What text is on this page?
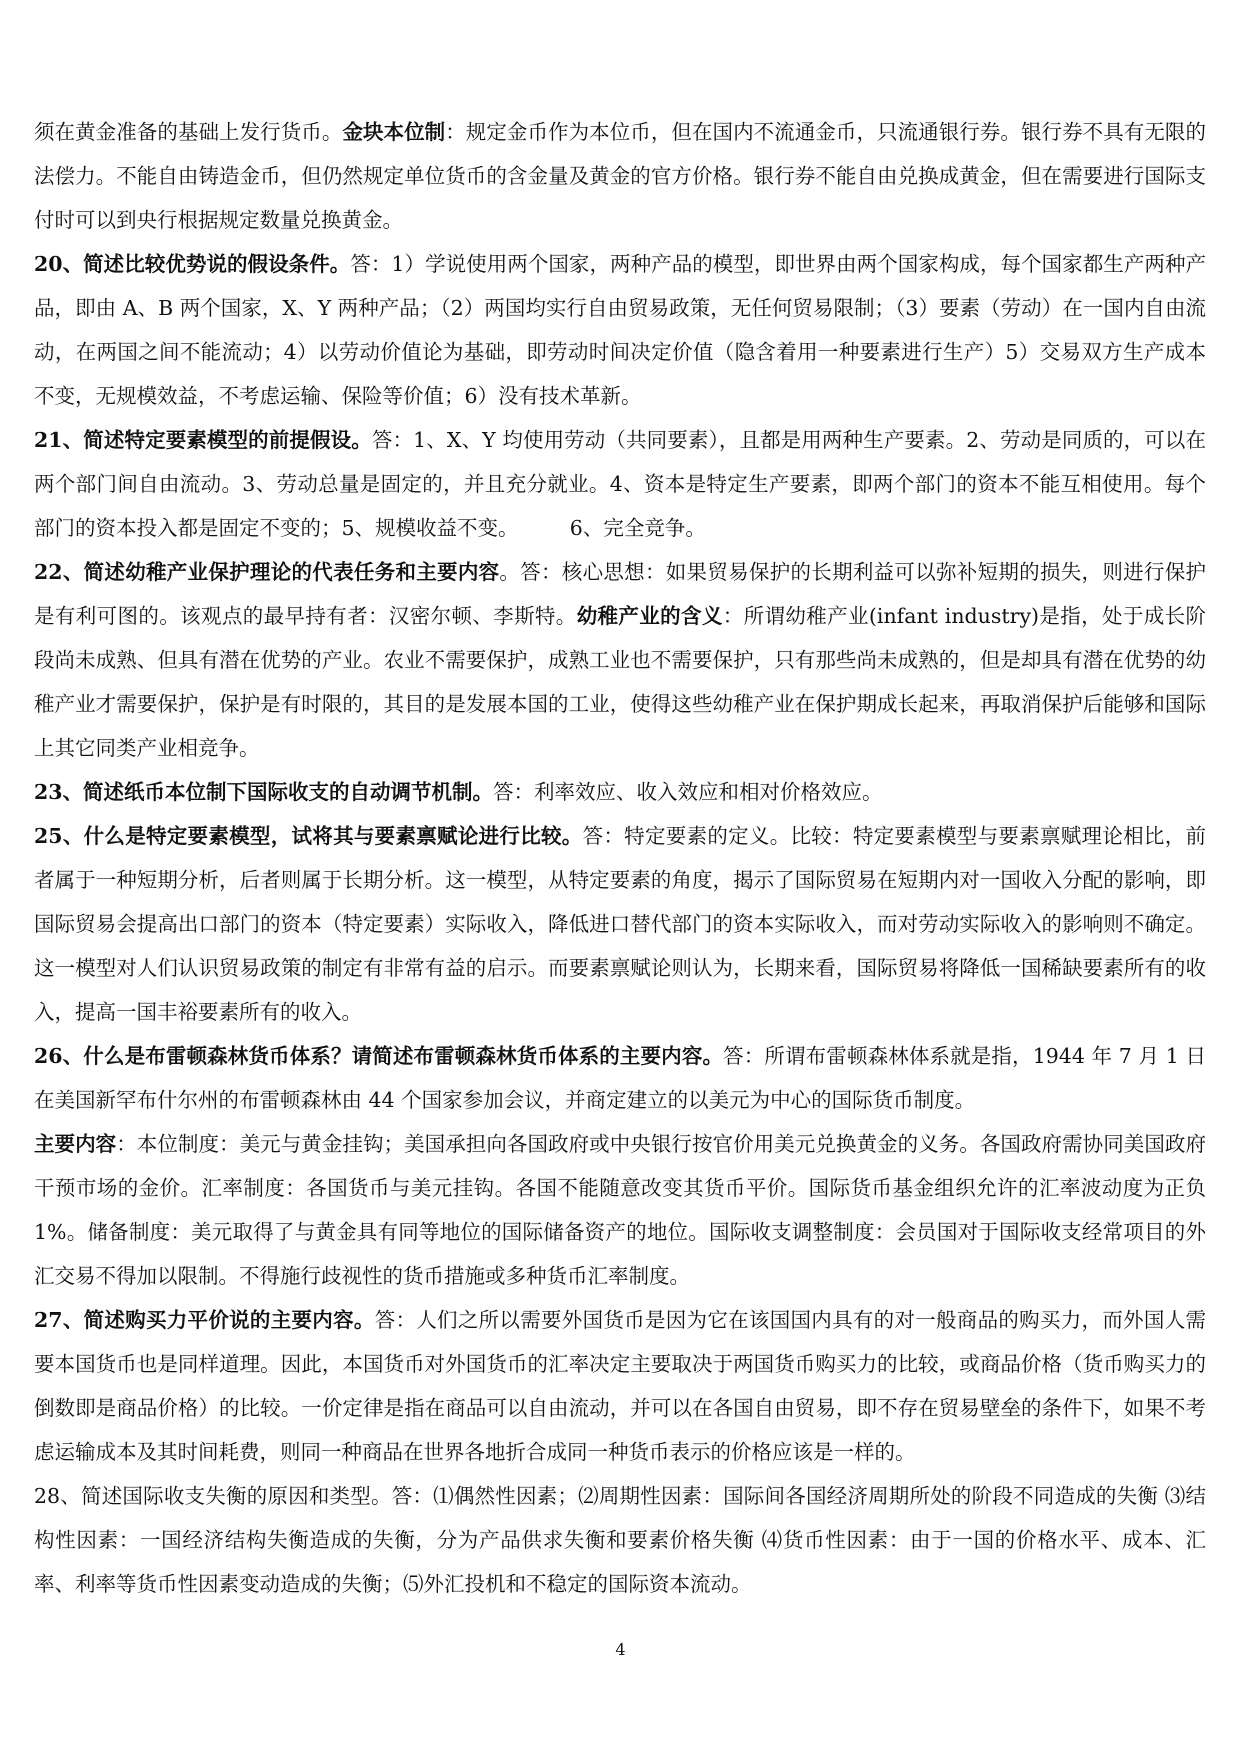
须在黄金准备的基础上发行货币。金块本位制：规定金币作为本位币，但在国内不流通金币，只流通银行券。银行券不具有无限的法偿力。不能自由铸造金币，但仍然规定单位货币的含金量及黄金的官方价格。银行券不能自由兑换成黄金，但在需要进行国际支付时可以到央行根据规定数量兑换黄金。

20、简述比较优势说的假设条件。答：1）学说使用两个国家，两种产品的模型，即世界由两个国家构成，每个国家都生产两种产品，即由 A、B 两个国家，X、Y 两种产品；（2）两国均实行自由贸易政策，无任何贸易限制；（3）要素（劳动）在一国内自由流动，在两国之间不能流动；4）以劳动价值论为基础，即劳动时间决定价值（隐含着用一种要素进行生产）5）交易双方生产成本不变，无规模效益，不考虑运输、保险等价值；6）没有技术革新。

21、简述特定要素模型的前提假设。答：1、X、Y 均使用劳动（共同要素），且都是用两种生产要素。2、劳动是同质的，可以在两个部门间自由流动。3、劳动总量是固定的，并且充分就业。4、资本是特定生产要素，即两个部门的资本不能互相使用。每个部门的资本投入都是固定不变的；5、规模收益不变。　　　6、完全竞争。

22、简述幼稚产业保护理论的代表任务和主要内容。答：核心思想：如果贸易保护的长期利益可以弥补短期的损失，则进行保护是有利可图的。该观点的最早持有者：汉密尔顿、李斯特。幼稚产业的含义：所谓幼稚产业(infant industry)是指，处于成长阶段尚未成熟、但具有潜在优势的产业。农业不需要保护，成熟工业也不需要保护，只有那些尚未成熟的，但是却具有潜在优势的幼稚产业才需要保护，保护是有时限的，其目的是发展本国的工业，使得这些幼稚产业在保护期成长起来，再取消保护后能够和国际上其它同类产业相竞争。

23、简述纸币本位制下国际收支的自动调节机制。答：利率效应、收入效应和相对价格效应。

25、什么是特定要素模型，试将其与要素禀赋论进行比较。答：特定要素的定义。比较：特定要素模型与要素禀赋理论相比，前者属于一种短期分析，后者则属于长期分析。这一模型，从特定要素的角度，揭示了国际贸易在短期内对一国收入分配的影响，即国际贸易会提高出口部门的资本（特定要素）实际收入，降低进口替代部门的资本实际收入，而对劳动实际收入的影响则不确定。这一模型对人们认识贸易政策的制定有非常有益的启示。而要素禀赋论则认为，长期来看，国际贸易将降低一国稀缺要素所有的收入，提高一国丰裕要素所有的收入。

26、什么是布雷顿森林货币体系？请简述布雷顿森林货币体系的主要内容。答：所谓布雷顿森林体系就是指，1944 年 7 月 1 日在美国新罕布什尔州的布雷顿森林由 44 个国家参加会议，并商定建立的以美元为中心的国际货币制度。

主要内容：本位制度：美元与黄金挂钩；美国承担向各国政府或中央银行按官价用美元兑换黄金的义务。各国政府需协同美国政府干预市场的金价。汇率制度：各国货币与美元挂钩。各国不能随意改变其货币平价。国际货币基金组织允许的汇率波动度为正负 1%。储备制度：美元取得了与黄金具有同等地位的国际储备资产的地位。国际收支调整制度：会员国对于国际收支经常项目的外汇交易不得加以限制。不得施行歧视性的货币措施或多种货币汇率制度。

27、简述购买力平价说的主要内容。答：人们之所以需要外国货币是因为它在该国国内具有的对一般商品的购买力，而外国人需要本国货币也是同样道理。因此，本国货币对外国货币的汇率决定主要取决于两国货币购买力的比较，或商品价格（货币购买力的倒数即是商品价格）的比较。一价定律是指在商品可以自由流动，并可以在各国自由贸易，即不存在贸易壁垒的条件下，如果不考虑运输成本及其时间耗费，则同一种商品在世界各地折合成同一种货币表示的价格应该是一样的。

28、简述国际收支失衡的原因和类型。答：⑴偶然性因素；⑵周期性因素：国际间各国经济周期所处的阶段不同造成的失衡 ⑶结构性因素：一国经济结构失衡造成的失衡，分为产品供求失衡和要素价格失衡 ⑷货币性因素：由于一国的价格水平、成本、汇率、利率等货币性因素变动造成的失衡；⑸外汇投机和不稳定的国际资本流动。

4
